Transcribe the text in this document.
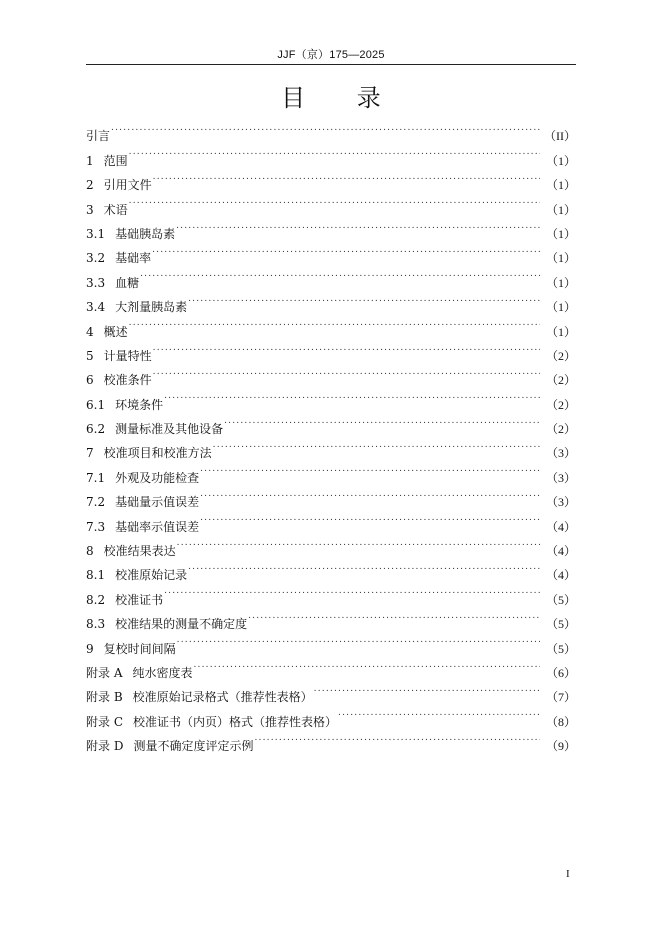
JJF（京）175—2025
目 录
引言 .....	（II）
1 范围 .....	（1）
2 引用文件 .....	（1）
3 术语 .....	（1）
3.1 基础胰岛素 .....	（1）
3.2 基础率 .....	（1）
3.3 血糖 .....	（1）
3.4 大剂量胰岛素 .....	（1）
4 概述 .....	（1）
5 计量特性 .....	（2）
6 校准条件 .....	（2）
6.1 环境条件 .....	（2）
6.2 测量标准及其他设备 .....	（2）
7 校准项目和校准方法 .....	（3）
7.1 外观及功能检查 .....	（3）
7.2 基础量示值误差 .....	（3）
7.3 基础率示值误差 .....	（4）
8 校准结果表达 .....	（4）
8.1 校准原始记录 .....	（4）
8.2 校准证书 .....	（5）
8.3 校准结果的测量不确定度 .....	（5）
9 复校时间间隔 .....	（5）
附录 A 纯水密度表 .....	（6）
附录 B 校准原始记录格式（推荐性表格） .....	（7）
附录 C 校准证书（内页）格式（推荐性表格） .....	（8）
附录 D 测量不确定度评定示例 .....	（9）
I
